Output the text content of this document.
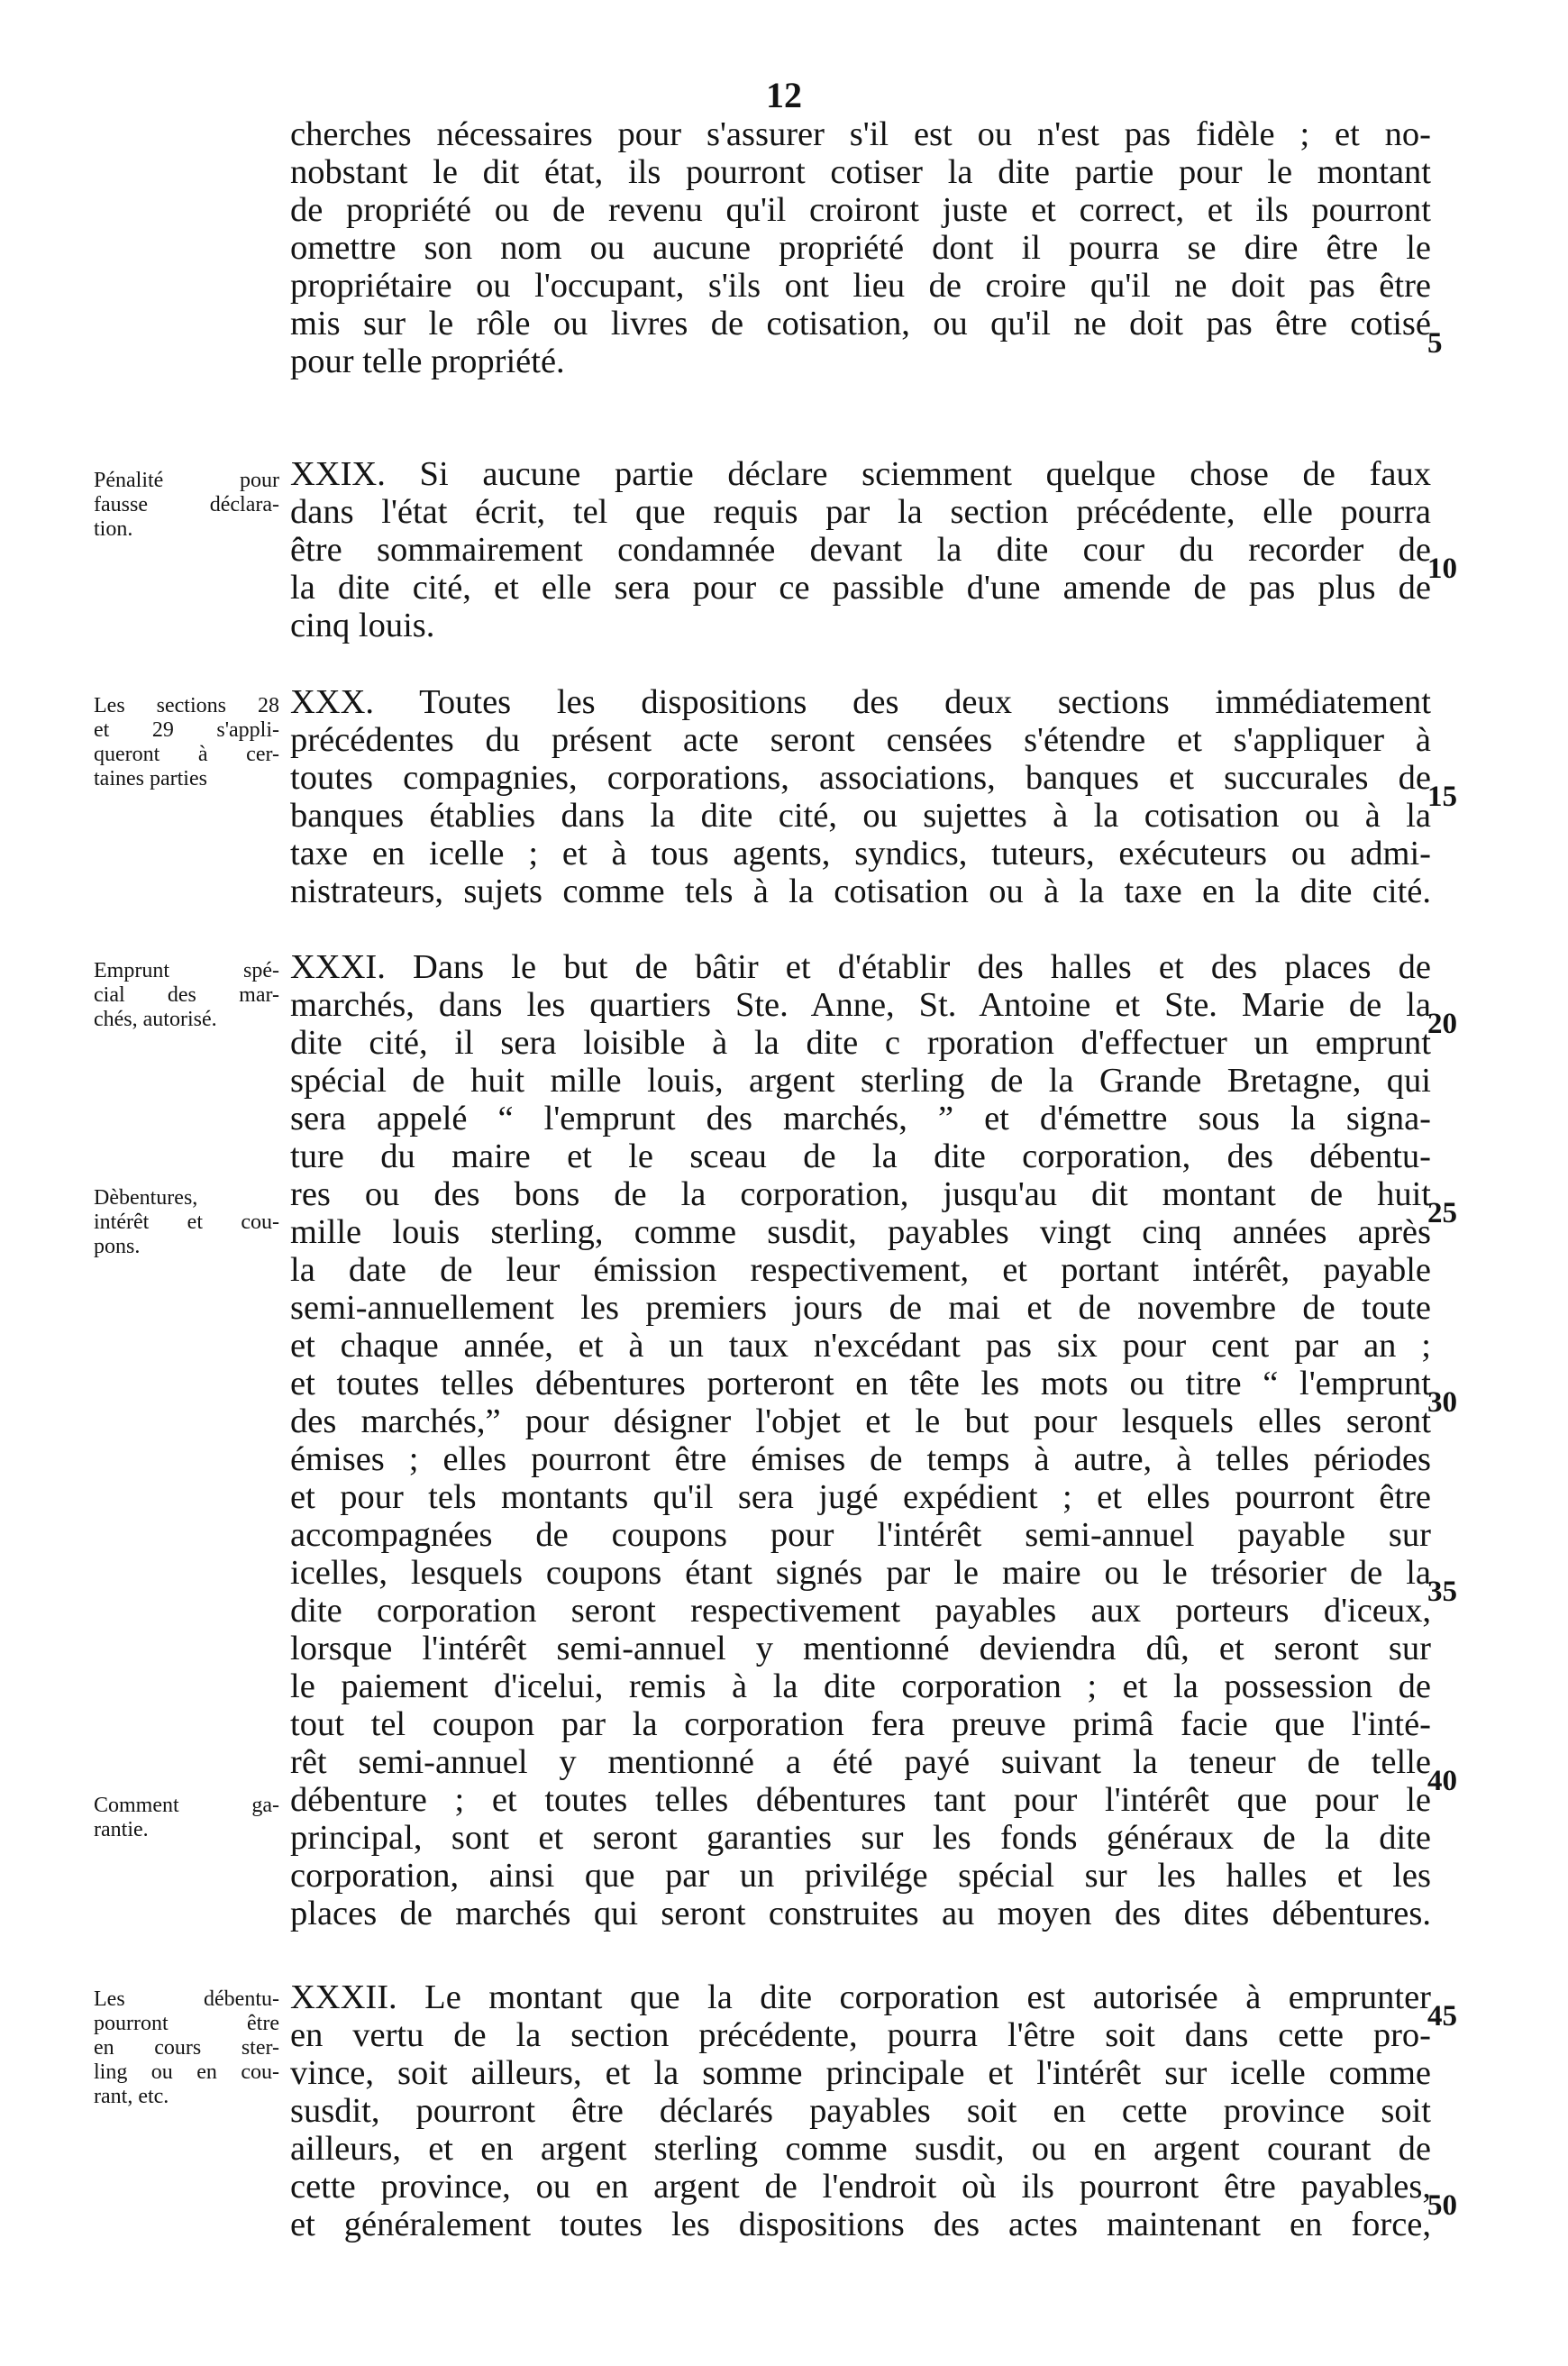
12
cherches nécessaires pour s'assurer s'il est ou n'est pas fidèle ; et no-
nobstant le dit état, ils pourront cotiser la dite partie pour le montant
de propriété ou de revenu qu'il croiront juste et correct, et ils pourront
omettre son nom ou aucune propriété dont il pourra se dire être le
propriétaire ou l'occupant, s'ils ont lieu de croire qu'il ne doit pas être
mis sur le rôle ou livres de cotisation, ou qu'il ne doit pas être cotisé
pour telle propriété.
XXIX. Si aucune partie déclare sciemment quelque chose de faux
dans l'état écrit, tel que requis par la section précédente, elle pourra
être sommairement condamnée devant la dite cour du recorder de
la dite cité, et elle sera pour ce passible d'une amende de pas plus de
cinq louis.
XXX. Toutes les dispositions des deux sections immédiatement
précédentes du présent acte seront censées s'étendre et s'appliquer à
toutes compagnies, corporations, associations, banques et succurales de
banques établies dans la dite cité, ou sujettes à la cotisation ou à la
taxe en icelle ; et à tous agents, syndics, tuteurs, exécuteurs ou admi-
nistrateurs, sujets comme tels à la cotisation ou à la taxe en la dite cité.
XXXI. Dans le but de bâtir et d'établir des halles et des places de
marchés, dans les quartiers Ste. Anne, St. Antoine et Ste. Marie de la
dite cité, il sera loisible à la dite c rporation d'effectuer un emprunt
spécial de huit mille louis, argent sterling de la Grande Bretagne, qui
sera appelé “ l'emprunt des marchés, ” et d'émettre sous la signa-
ture du maire et le sceau de la dite corporation, des débentu-
res ou des bons de la corporation, jusqu'au dit montant de huit
mille louis sterling, comme susdit, payables vingt cinq années après
la date de leur émission respectivement, et portant intérêt, payable
semi-annuellement les premiers jours de mai et de novembre de toute
et chaque année, et à un taux n'excédant pas six pour cent par an ;
et toutes telles débentures porteront en tête les mots ou titre “ l'emprunt
des marchés,” pour désigner l'objet et le but pour lesquels elles seront
émises ; elles pourront être émises de temps à autre, à telles périodes
et pour tels montants qu'il sera jugé expédient ; et elles pourront être
accompagnées de coupons pour l'intérêt semi-annuel payable sur
icelles, lesquels coupons étant signés par le maire ou le trésorier de la
dite corporation seront respectivement payables aux porteurs d'iceux,
lorsque l'intérêt semi-annuel y mentionné deviendra dû, et seront sur
le paiement d'icelui, remis à la dite corporation ; et la possession de
tout tel coupon par la corporation fera preuve primâ facie que l'inté-
rêt semi-annuel y mentionné a été payé suivant la teneur de telle
débenture ; et toutes telles débentures tant pour l'intérêt que pour le
principal, sont et seront garanties sur les fonds généraux de la dite
corporation, ainsi que par un privilége spécial sur les halles et les
places de marchés qui seront construites au moyen des dites débentures.
XXXII. Le montant que la dite corporation est autorisée à emprunter
en vertu de la section précédente, pourra l'être soit dans cette pro-
vince, soit ailleurs, et la somme principale et l'intérêt sur icelle comme
susdit, pourront être déclarés payables soit en cette province soit
ailleurs, et en argent sterling comme susdit, ou en argent courant de
cette province, ou en argent de l'endroit où ils pourront être payables,
et généralement toutes les dispositions des actes maintenant en force,
5
10
15
20
25
30
35
40
45
50
Pénalité pour
fausse déclara-
tion.
Les sections 28
et 29 s'appli-
queront à cer-
taines parties
Emprunt spé-
cial des mar-
chés, autorisé.
Dèbentures,
intérêt et cou-
pons.
Comment ga-
rantie.
Les débentu-
pourront être
en cours ster-
ling ou en cou-
rant, etc.
